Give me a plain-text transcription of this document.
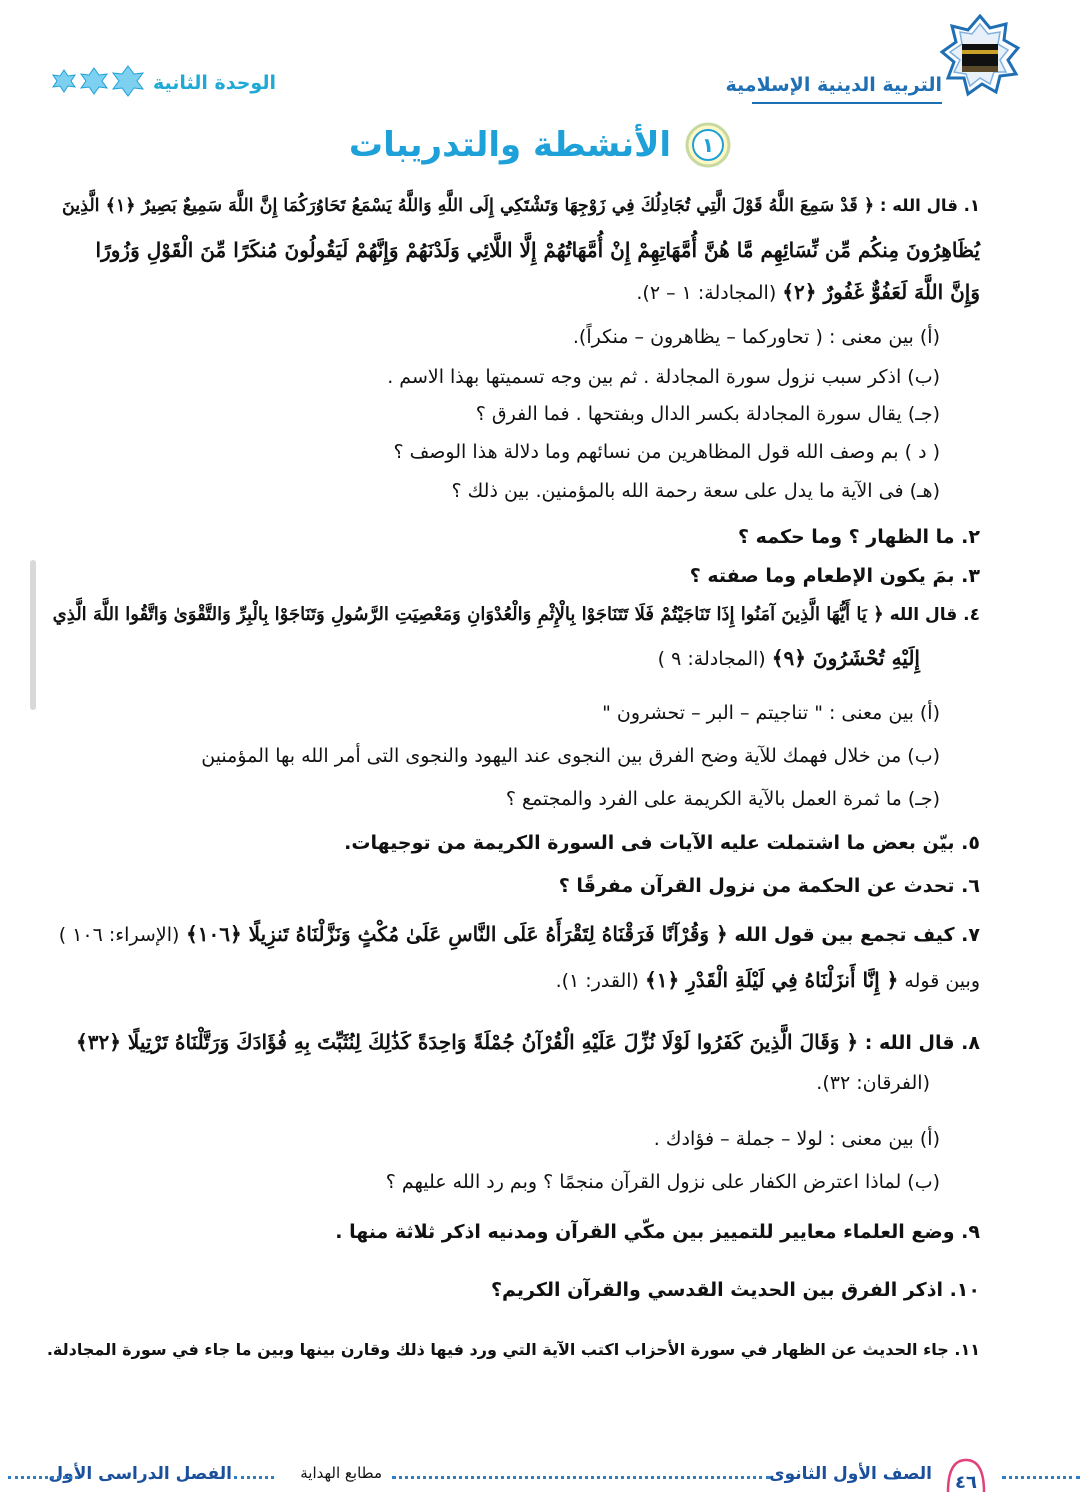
التربية الدينية الإسلامية
الوحدة الثانية
١
الأنشطة والتدريبات
١. قال الله : ﴿ قَدْ سَمِعَ اللَّهُ قَوْلَ الَّتِي تُجَادِلُكَ فِي زَوْجِهَا وَتَشْتَكِي إِلَى اللَّهِ وَاللَّهُ يَسْمَعُ تَحَاوُرَكُمَا إِنَّ اللَّهَ سَمِيعٌ بَصِيرٌ ﴿١﴾ الَّذِينَ
يُظَاهِرُونَ مِنكُم مِّن نِّسَائِهِم مَّا هُنَّ أُمَّهَاتِهِمْ إِنْ أُمَّهَاتُهُمْ إِلَّا اللَّائِي وَلَدْنَهُمْ وَإِنَّهُمْ لَيَقُولُونَ مُنكَرًا مِّنَ الْقَوْلِ وَزُورًا
وَإِنَّ اللَّهَ لَعَفُوٌّ غَفُورٌ ﴿٢﴾ (المجادلة: ١ – ٢).
(أ) بين معنى : ( تحاوركما – يظاهرون – منكراً).
(ب) اذكر سبب نزول سورة المجادلة . ثم بين وجه تسميتها بهذا الاسم .
(جـ) يقال سورة المجادلة بكسر الدال وبفتحها . فما الفرق ؟
( د ) بم وصف الله قول المظاهرين من نسائهم وما دلالة هذا الوصف ؟
(هـ) فى الآية ما يدل على سعة رحمة الله بالمؤمنين. بين ذلك ؟
٢. ما الظهار ؟ وما حكمه ؟
٣. بمَ يكون الإطعام وما صفته ؟
٤. قال الله ﴿ يَا أَيُّهَا الَّذِينَ آمَنُوا إِذَا تَنَاجَيْتُمْ فَلَا تَتَنَاجَوْا بِالْإِثْمِ وَالْعُدْوَانِ وَمَعْصِيَتِ الرَّسُولِ وَتَنَاجَوْا بِالْبِرِّ وَالتَّقْوَىٰ وَاتَّقُوا اللَّهَ الَّذِي
إِلَيْهِ تُحْشَرُونَ ﴿٩﴾ (المجادلة: ٩ )
(أ) بين معنى : " تناجيتم – البر – تحشرون "
(ب) من خلال فهمك للآية وضح الفرق بين النجوى عند اليهود والنجوى التى أمر الله بها المؤمنين
(جـ) ما ثمرة العمل بالآية الكريمة على الفرد والمجتمع ؟
٥. بيّن بعض ما اشتملت عليه الآيات فى السورة الكريمة من توجيهات.
٦. تحدث عن الحكمة من نزول القرآن مفرقًا ؟
٧. كيف تجمع بين قول الله ﴿ وَقُرْآنًا فَرَقْنَاهُ لِتَقْرَأَهُ عَلَى النَّاسِ عَلَىٰ مُكْثٍ وَنَزَّلْنَاهُ تَنزِيلًا ﴿١٠٦﴾ (الإسراء: ١٠٦ )
وبين قوله ﴿ إِنَّا أَنزَلْنَاهُ فِي لَيْلَةِ الْقَدْرِ ﴿١﴾ (القدر: ١).
٨. قال الله : ﴿ وَقَالَ الَّذِينَ كَفَرُوا لَوْلَا نُزِّلَ عَلَيْهِ الْقُرْآنُ جُمْلَةً وَاحِدَةً كَذَٰلِكَ لِنُثَبِّتَ بِهِ فُؤَادَكَ وَرَتَّلْنَاهُ تَرْتِيلًا ﴿٣٢﴾
(الفرقان: ٣٢).
(أ) بين معنى : لولا – جملة – فؤادك .
(ب) لماذا اعترض الكفار على نزول القرآن منجمًا ؟ وبم رد الله عليهم ؟
٩. وضع العلماء معايير للتمييز بين مكّي القرآن ومدنيه اذكر ثلاثة منها .
١٠. اذكر الفرق بين الحديث القدسي والقرآن الكريم؟
١١. جاء الحديث عن الظهار في سورة الأحزاب اكتب الآية التي ورد فيها ذلك وقارن بينها وبين ما جاء في سورة المجادلة.
٤٦
الصف الأول الثانوى
مطابع الهداية
الفصل الدراسى الأول
